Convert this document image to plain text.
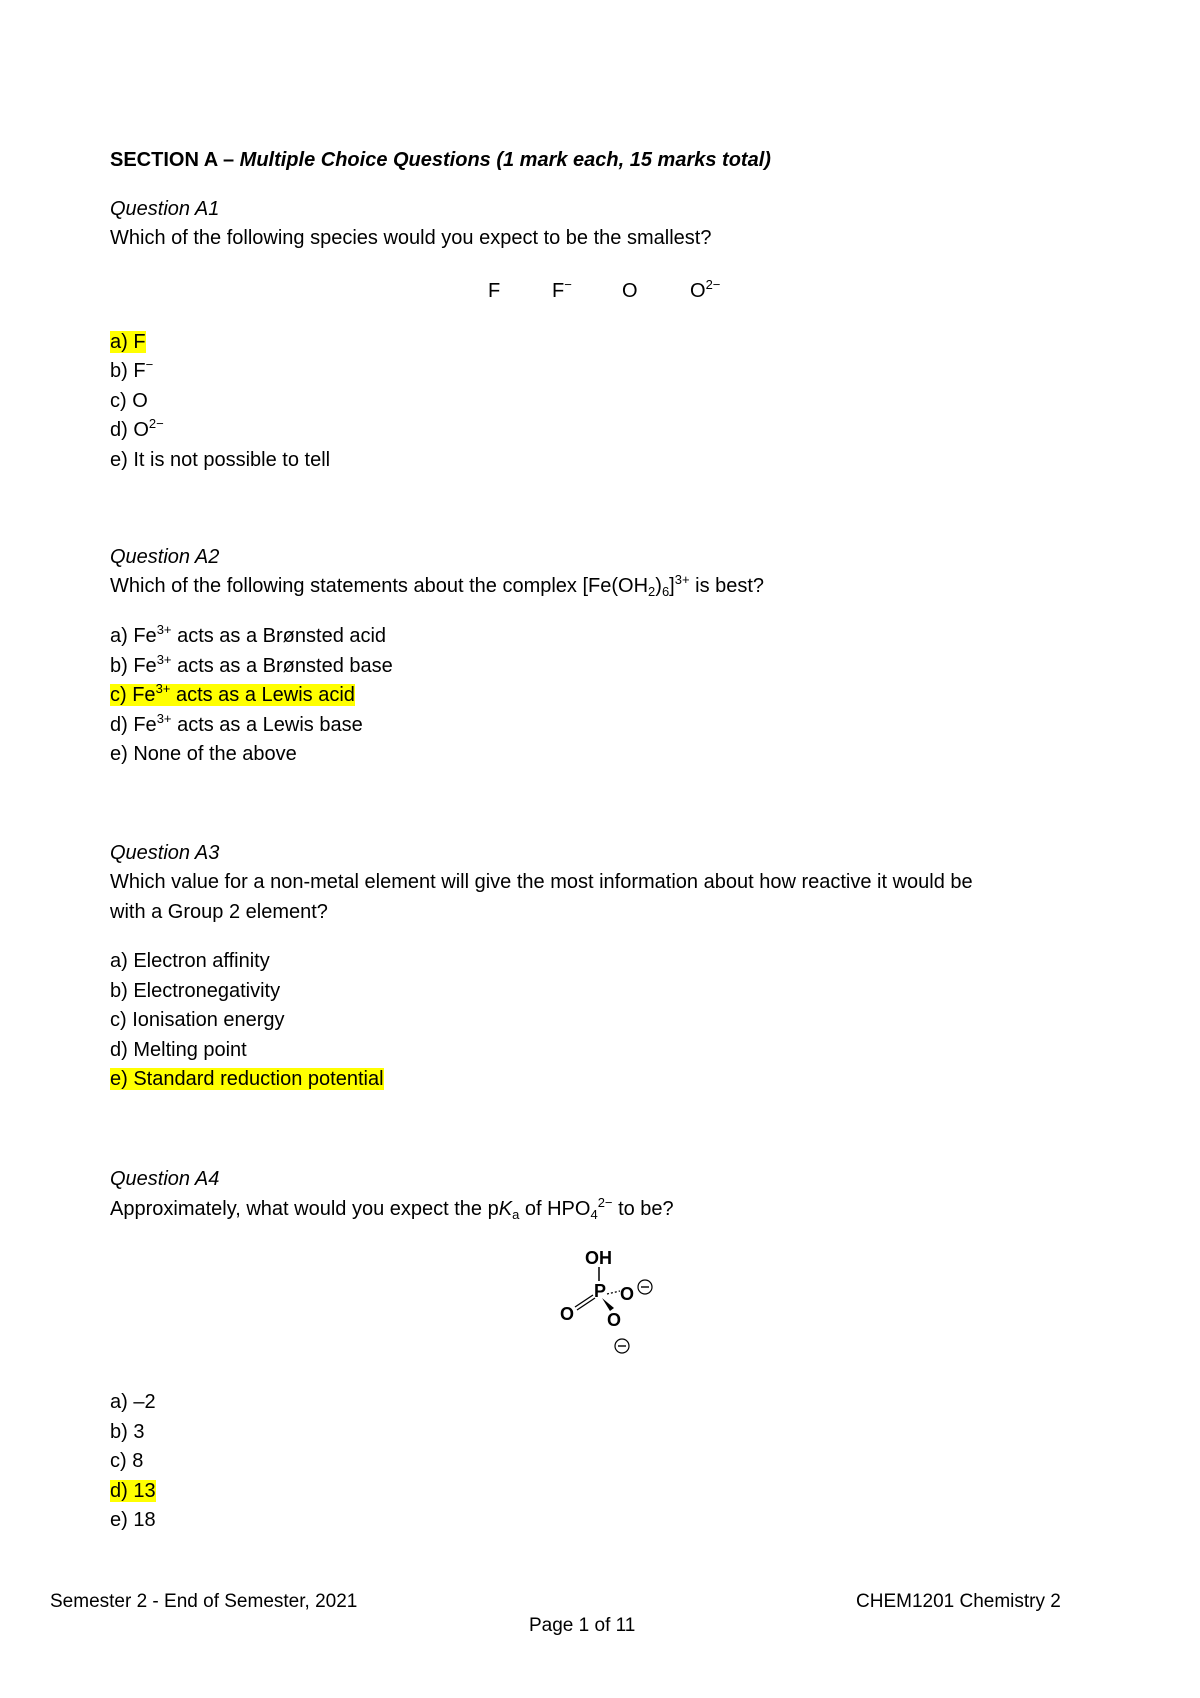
SECTION A – Multiple Choice Questions (1 mark each, 15 marks total)
Question A1
Which of the following species would you expect to be the smallest?
F	F−	O	$O^{2-}$
a) F
b) F−
c) O
d) $O^{2-}$
e) It is not possible to tell
Question A2
Which of the following statements about the complex $[Fe(OH_2)_6]^{3+}$ is best?
a) $Fe^{3+}$ acts as a Brønsted acid
b) $Fe^{3+}$ acts as a Brønsted base
c) $Fe^{3+}$ acts as a Lewis acid
d) $Fe^{3+}$ acts as a Lewis base
e) None of the above
Question A3
Which value for a non-metal element will give the most information about how reactive it would be
with a Group 2 element?
a) Electron affinity
b) Electronegativity
c) Ionisation energy
d) Melting point
e) Standard reduction potential
Question A4
Approximately, what would you expect the $pK_a$ of $HPO_4^{2-}$ to be?
OH
P
O
O
O
a) –2
b) 3
c) 8
d) 13
e) 18
Semester 2 - End of Semester, 2021	CHEM1201 Chemistry 2
Page 1 of 11
